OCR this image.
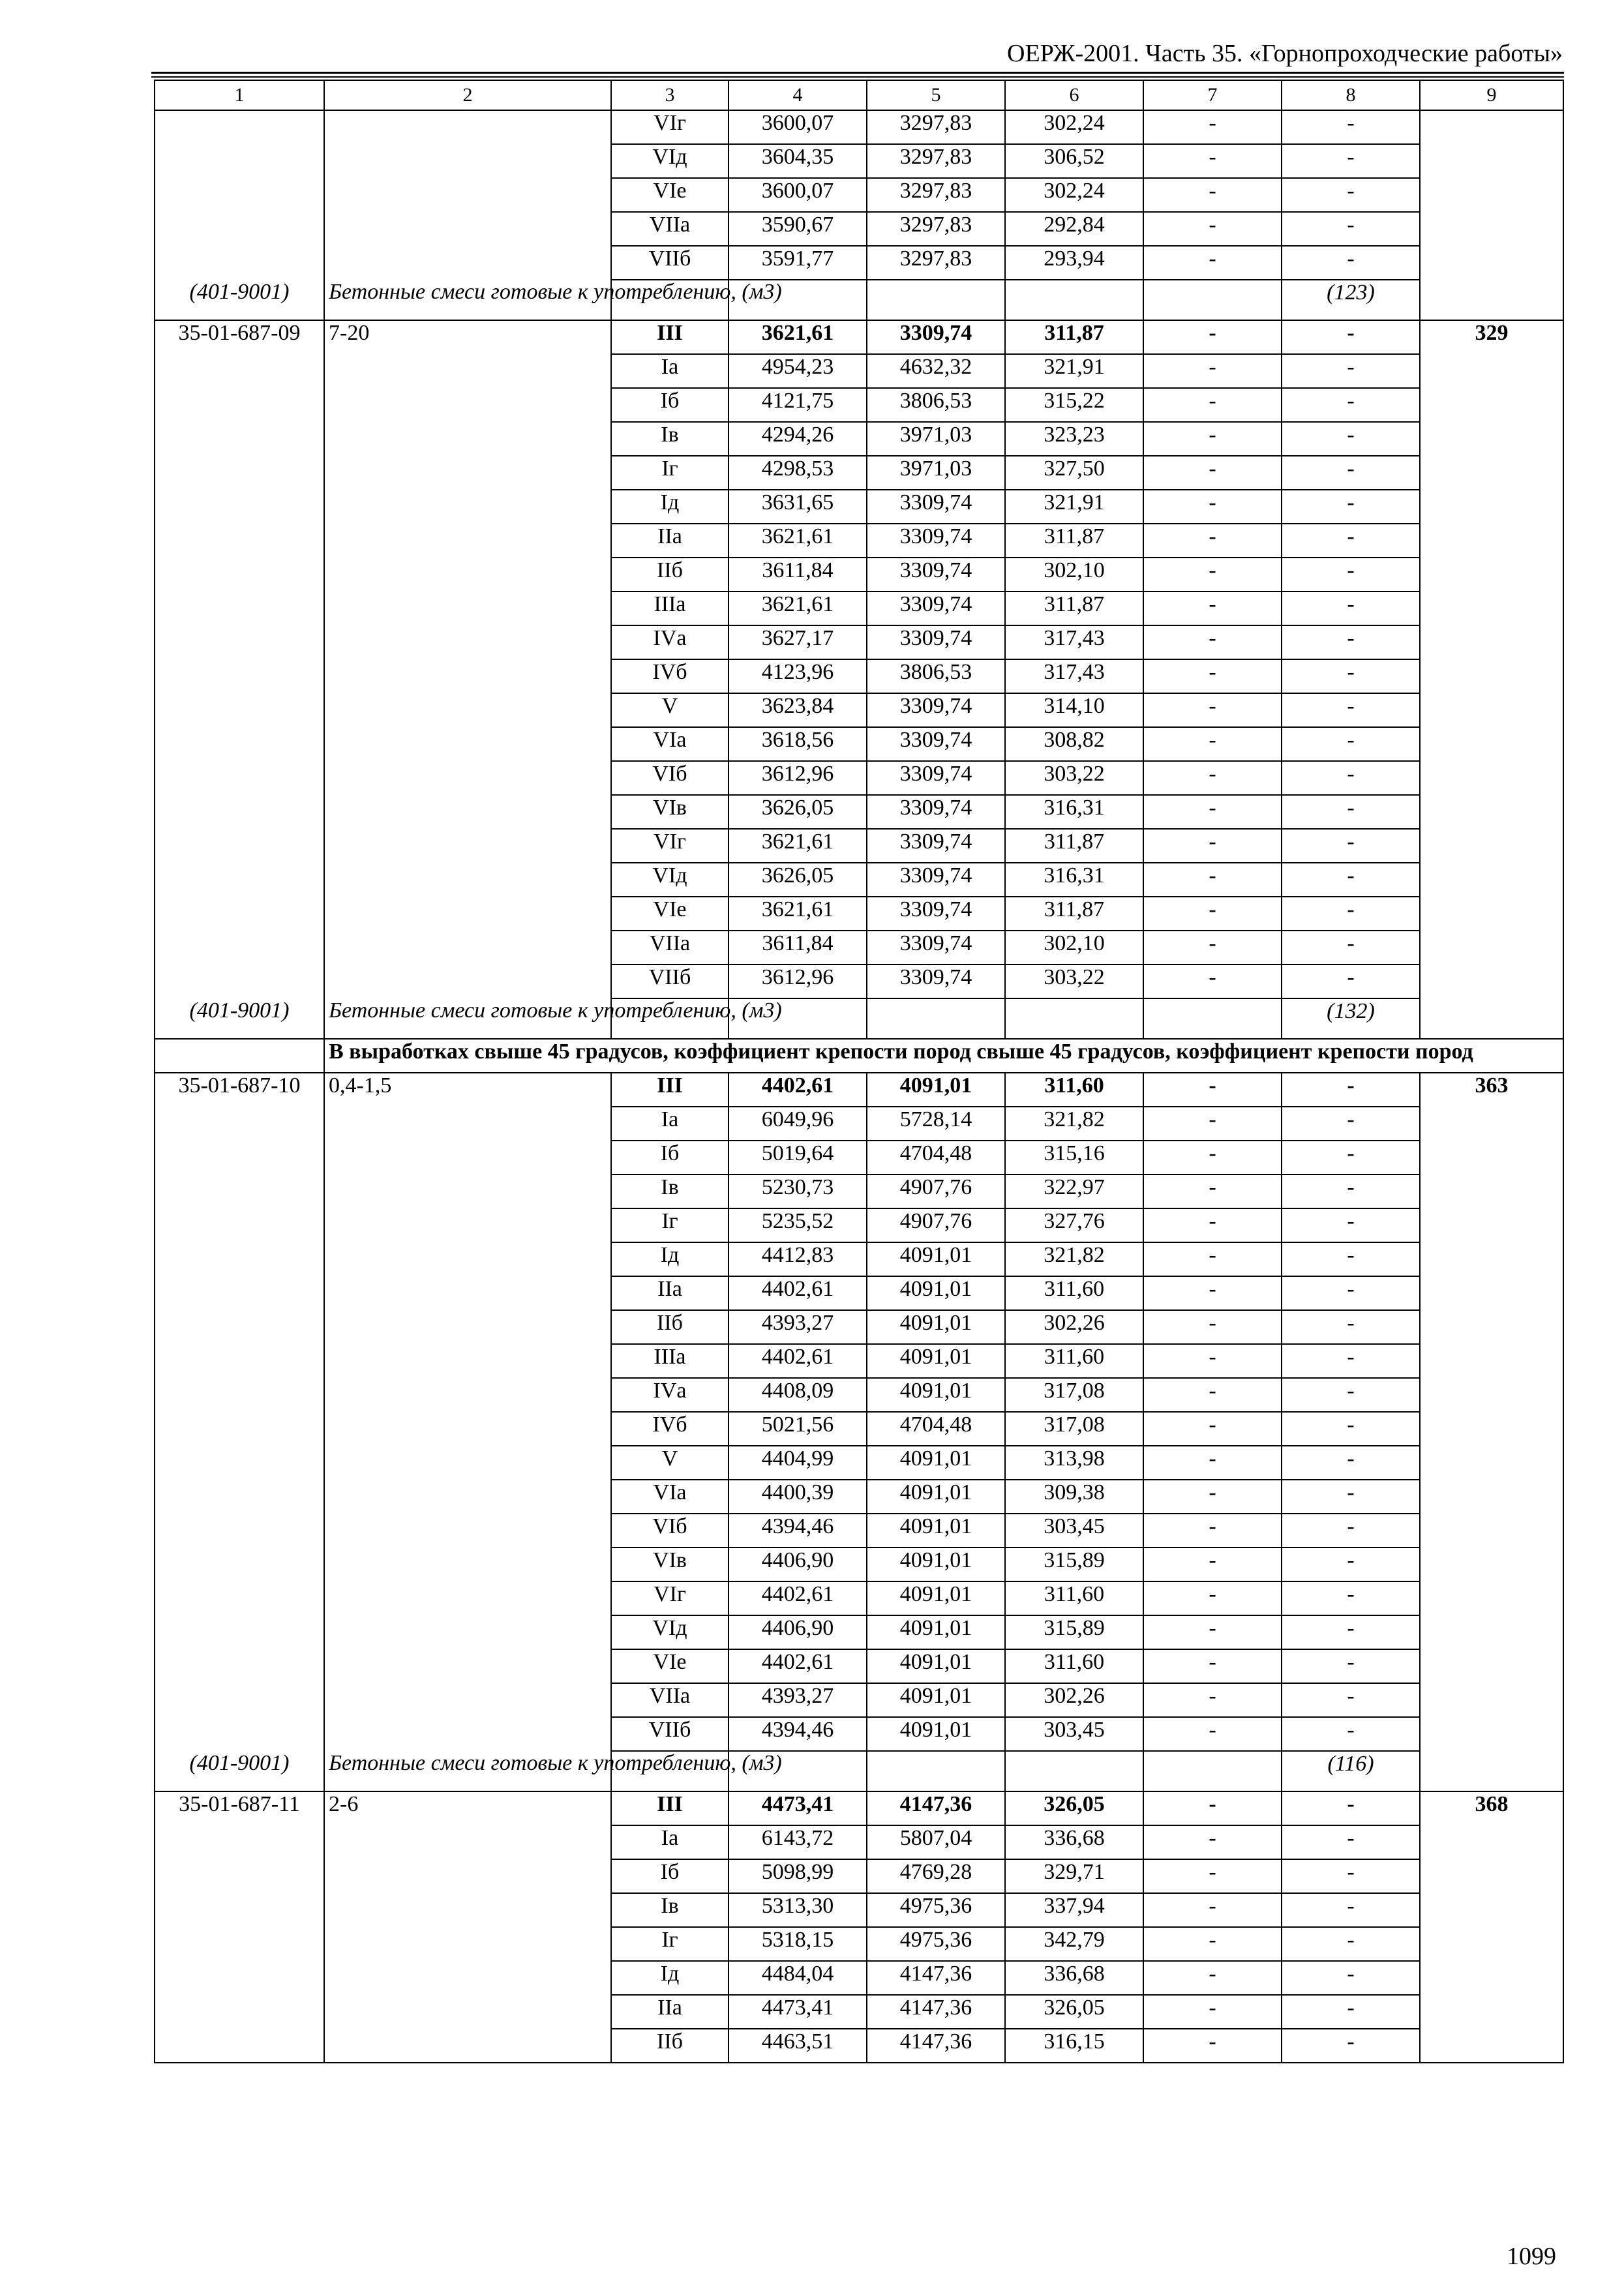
ОЕРЖ-2001. Часть 35. «Горнопроходческие работы»
1	2	3	4	5	6	7	8	9
		VIг	3600,07	3297,83	302,24	-	-	
		VIд	3604,35	3297,83	306,52	-	-	
		VIе	3600,07	3297,83	302,24	-	-	
		VIIа	3590,67	3297,83	292,84	-	-	
		VIIб	3591,77	3297,83	293,94	-	-	
(401-9001)	Бетонные смеси готовые к употреблению, (м3)						(123)	
35-01-687-09	7-20	III	3621,61	3309,74	311,87	-	-	329
		Iа	4954,23	4632,32	321,91	-	-	
		Iб	4121,75	3806,53	315,22	-	-	
		Iв	4294,26	3971,03	323,23	-	-	
		Iг	4298,53	3971,03	327,50	-	-	
		Iд	3631,65	3309,74	321,91	-	-	
		IIа	3621,61	3309,74	311,87	-	-	
		IIб	3611,84	3309,74	302,10	-	-	
		IIIа	3621,61	3309,74	311,87	-	-	
		IVа	3627,17	3309,74	317,43	-	-	
		IVб	4123,96	3806,53	317,43	-	-	
		V	3623,84	3309,74	314,10	-	-	
		VIа	3618,56	3309,74	308,82	-	-	
		VIб	3612,96	3309,74	303,22	-	-	
		VIв	3626,05	3309,74	316,31	-	-	
		VIг	3621,61	3309,74	311,87	-	-	
		VIд	3626,05	3309,74	316,31	-	-	
		VIе	3621,61	3309,74	311,87	-	-	
		VIIа	3611,84	3309,74	302,10	-	-	
		VIIб	3612,96	3309,74	303,22	-	-	
(401-9001)	Бетонные смеси готовые к употреблению, (м3)						(132)	
	В выработках свыше 45 градусов, коэффициент крепости пород свыше 45 градусов, коэффициент крепости пород							
35-01-687-10	0,4-1,5	III	4402,61	4091,01	311,60	-	-	363
		Iа	6049,96	5728,14	321,82	-	-	
		Iб	5019,64	4704,48	315,16	-	-	
		Iв	5230,73	4907,76	322,97	-	-	
		Iг	5235,52	4907,76	327,76	-	-	
		Iд	4412,83	4091,01	321,82	-	-	
		IIа	4402,61	4091,01	311,60	-	-	
		IIб	4393,27	4091,01	302,26	-	-	
		IIIа	4402,61	4091,01	311,60	-	-	
		IVа	4408,09	4091,01	317,08	-	-	
		IVб	5021,56	4704,48	317,08	-	-	
		V	4404,99	4091,01	313,98	-	-	
		VIа	4400,39	4091,01	309,38	-	-	
		VIб	4394,46	4091,01	303,45	-	-	
		VIв	4406,90	4091,01	315,89	-	-	
		VIг	4402,61	4091,01	311,60	-	-	
		VIд	4406,90	4091,01	315,89	-	-	
		VIе	4402,61	4091,01	311,60	-	-	
		VIIа	4393,27	4091,01	302,26	-	-	
		VIIб	4394,46	4091,01	303,45	-	-	
(401-9001)	Бетонные смеси готовые к употреблению, (м3)						(116)	
35-01-687-11	2-6	III	4473,41	4147,36	326,05	-	-	368
		Iа	6143,72	5807,04	336,68	-	-	
		Iб	5098,99	4769,28	329,71	-	-	
		Iв	5313,30	4975,36	337,94	-	-	
		Iг	5318,15	4975,36	342,79	-	-	
		Iд	4484,04	4147,36	336,68	-	-	
		IIа	4473,41	4147,36	326,05	-	-	
		IIб	4463,51	4147,36	316,15	-	-	
1099
